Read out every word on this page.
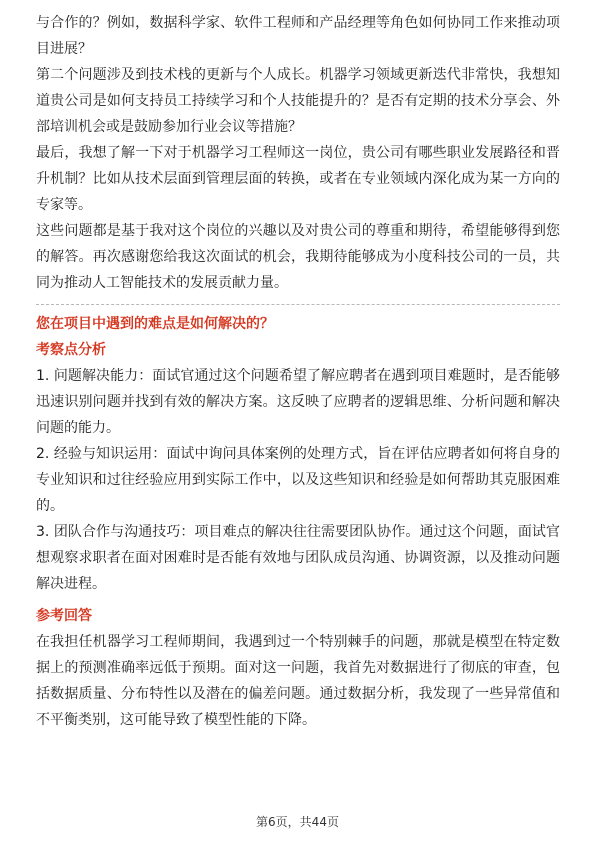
与合作的？例如，数据科学家、软件工程师和产品经理等角色如何协同工作来推动项目进展？

第二个问题涉及到技术栈的更新与个人成长。机器学习领域更新迭代非常快，我想知道贵公司是如何支持员工持续学习和个人技能提升的？是否有定期的技术分享会、外部培训机会或是鼓励参加行业会议等措施？

最后，我想了解一下对于机器学习工程师这一岗位，贵公司有哪些职业发展路径和晋升机制？比如从技术层面到管理层面的转换，或者在专业领域内深化成为某一方向的专家等。

这些问题都是基于我对这个岗位的兴趣以及对贵公司的尊重和期待，希望能够得到您的解答。再次感谢您给我这次面试的机会，我期待能够成为小度科技公司的一员，共同为推动人工智能技术的发展贡献力量。

您在项目中遇到的难点是如何解决的？
考察点分析

1. 问题解决能力：面试官通过这个问题希望了解应聘者在遇到项目难题时，是否能够迅速识别问题并找到有效的解决方案。这反映了应聘者的逻辑思维、分析问题和解决问题的能力。

2. 经验与知识运用：面试中询问具体案例的处理方式，旨在评估应聘者如何将自身的专业知识和过往经验应用到实际工作中，以及这些知识和经验是如何帮助其克服困难的。

3. 团队合作与沟通技巧：项目难点的解决往往需要团队协作。通过这个问题，面试官想观察求职者在面对困难时是否能有效地与团队成员沟通、协调资源，以及推动问题解决进程。

参考回答

在我担任机器学习工程师期间，我遇到过一个特别棘手的问题，那就是模型在特定数据上的预测准确率远低于预期。面对这一问题，我首先对数据进行了彻底的审查，包括数据质量、分布特性以及潜在的偏差问题。通过数据分析，我发现了一些异常值和不平衡类别，这可能导致了模型性能的下降。

第6页，共44页
